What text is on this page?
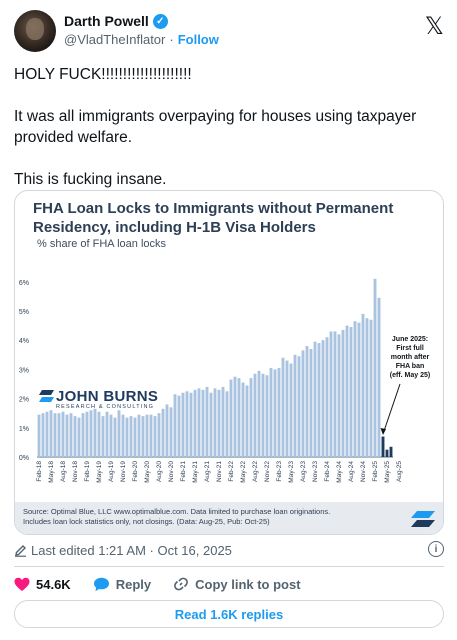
Darth Powell ✓
@VladTheInflator · Follow	𝕏

HOLY FUCK!!!!!!!!!!!!!!!!!!!!!

It was all immigrants overpaying for houses using taxpayer provided welfare.

This is fucking insane.

FHA Loan Locks to Immigrants without Permanent Residency, including H-1B Visa Holders
% share of FHA loan locks
0%
1%
2%
3%
4%
5%
6%
Feb-18 May-18 Aug-18 Nov-18 Feb-19 May-19 Aug-19 Nov-19 Feb-20 May-20 Aug-20 Nov-20 Feb-21 May-21 Aug-21 Nov-21 Feb-22 May-22 Aug-22 Nov-22 Feb-23 May-23 Aug-23 Nov-23 Feb-24 May-24 Aug-24 Nov-24 Feb-25 May-25 Aug-25
June 2025:
First full
month after
FHA ban
(eff. May 25)
JOHN BURNS
RESEARCH & CONSULTING
Source: Optimal Blue, LLC www.optimalblue.com. Data limited to purchase loan originations.
Includes loan lock statistics only, not closings. (Data: Aug-25, Pub: Oct-25)
Last edited 1:21 AM · Oct 16, 2025	i
54.6K	Reply	Copy link to post
Read 1.6K replies
